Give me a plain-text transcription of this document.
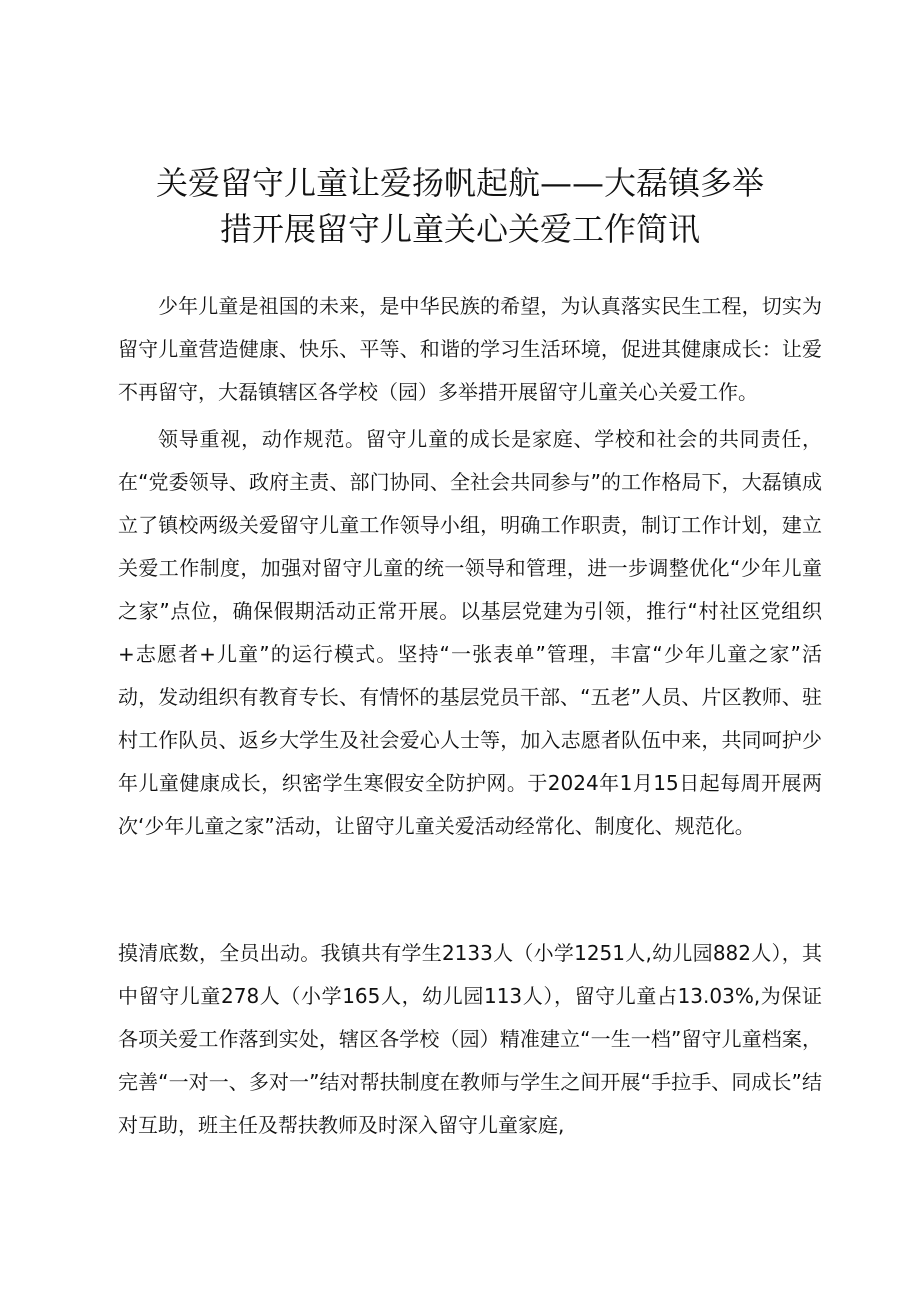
关爱留守儿童让爱扬帆起航——大磊镇多举
措开展留守儿童关心关爱工作简讯

少年儿童是祖国的未来，是中华民族的希望，为认真落实民生工程，切实为留守儿童营造健康、快乐、平等、和谐的学习生活环境，促进其健康成长：让爱不再留守，大磊镇辖区各学校（园）多举措开展留守儿童关心关爱工作。

领导重视，动作规范。留守儿童的成长是家庭、学校和社会的共同责任，在“党委领导、政府主责、部门协同、全社会共同参与”的工作格局下，大磊镇成立了镇校两级关爱留守儿童工作领导小组，明确工作职责，制订工作计划，建立关爱工作制度，加强对留守儿童的统一领导和管理，进一步调整优化“少年儿童之家”点位，确保假期活动正常开展。以基层党建为引领，推行“村社区党组织+志愿者+儿童”的运行模式。坚持“一张表单”管理，丰富“少年儿童之家”活动，发动组织有教育专长、有情怀的基层党员干部、“五老”人员、片区教师、驻村工作队员、返乡大学生及社会爱心人士等，加入志愿者队伍中来，共同呵护少年儿童健康成长，织密学生寒假安全防护网。于2024年1月15日起每周开展两次‘少年儿童之家”活动，让留守儿童关爱活动经常化、制度化、规范化。

摸清底数，全员出动。我镇共有学生2133人（小学1251人,幼儿园882人），其中留守儿童278人（小学165人，幼儿园113人），留守儿童占13.03%,为保证各项关爱工作落到实处，辖区各学校（园）精准建立“一生一档”留守儿童档案，完善“一对一、多对一”结对帮扶制度在教师与学生之间开展“手拉手、同成长”结对互助，班主任及帮扶教师及时深入留守儿童家庭,
